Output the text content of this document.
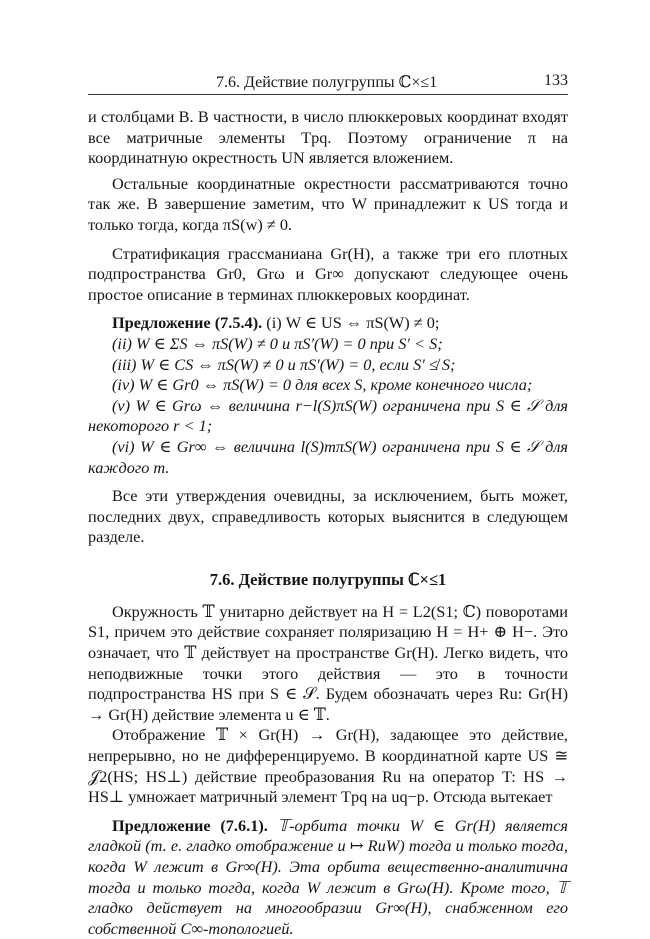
7.6. Действие полугруппы ℂ×≤1	133

и столбцами B. В частности, в число плюккеровых координат входят все матричные элементы Tpq. Поэтому ограничение π на координатную окрестность UN является вложением.

Остальные координатные окрестности рассматриваются точно так же. В завершение заметим, что W принадлежит к US тогда и только тогда, когда πS(w) ≠ 0.

Стратификация грассманиана Gr(H), а также три его плотных подпространства Gr0, Grω и Gr∞ допускают следующее очень простое описание в терминах плюккеровых координат.

Предложение (7.5.4). (i) W ∈ US ⇔ πS(W) ≠ 0;

(ii) W ∈ ΣS ⇔ πS(W) ≠ 0 и πS′(W) = 0 при S′ < S;

(iii) W ∈ CS ⇔ πS(W) ≠ 0 и πS′(W) = 0, если S′ ≰ S;

(iv) W ∈ Gr0 ⇔ πS(W) = 0 для всех S, кроме конечного числа;

(v) W ∈ Grω ⇔ величина r−l(S)πS(W) ограничена при S ∈ 𝒮 для некоторого r < 1;

(vi) W ∈ Gr∞ ⇔ величина l(S)mπS(W) ограничена при S ∈ 𝒮 для каждого m.

Все эти утверждения очевидны, за исключением, быть может, последних двух, справедливость которых выяснится в следующем разделе.

7.6. Действие полугруппы ℂ×≤1

Окружность 𝕋 унитарно действует на H = L2(S1; ℂ) поворотами S1, причем это действие сохраняет поляризацию H = H+ ⊕ H−. Это означает, что 𝕋 действует на пространстве Gr(H). Легко видеть, что неподвижные точки этого действия — это в точности подпространства HS при S ∈ 𝒮. Будем обозначать через Ru: Gr(H) → Gr(H) действие элемента u ∈ 𝕋.

Отображение 𝕋 × Gr(H) → Gr(H), задающее это действие, непрерывно, но не дифференцируемо. В координатной карте US ≅ 𝒥2(HS; HS⊥) действие преобразования Ru на оператор T: HS → HS⊥ умножает матричный элемент Tpq на uq−p. Отсюда вытекает

Предложение (7.6.1). 𝕋-орбита точки W ∈ Gr(H) является гладкой (т. е. гладко отображение u ↦ RuW) тогда и только тогда, когда W лежит в Gr∞(H). Эта орбита вещественно-аналитична тогда и только тогда, когда W лежит в Grω(H). Кроме того, 𝕋 гладко действует на многообразии Gr∞(H), снабженном его собственной C∞-топологией.
